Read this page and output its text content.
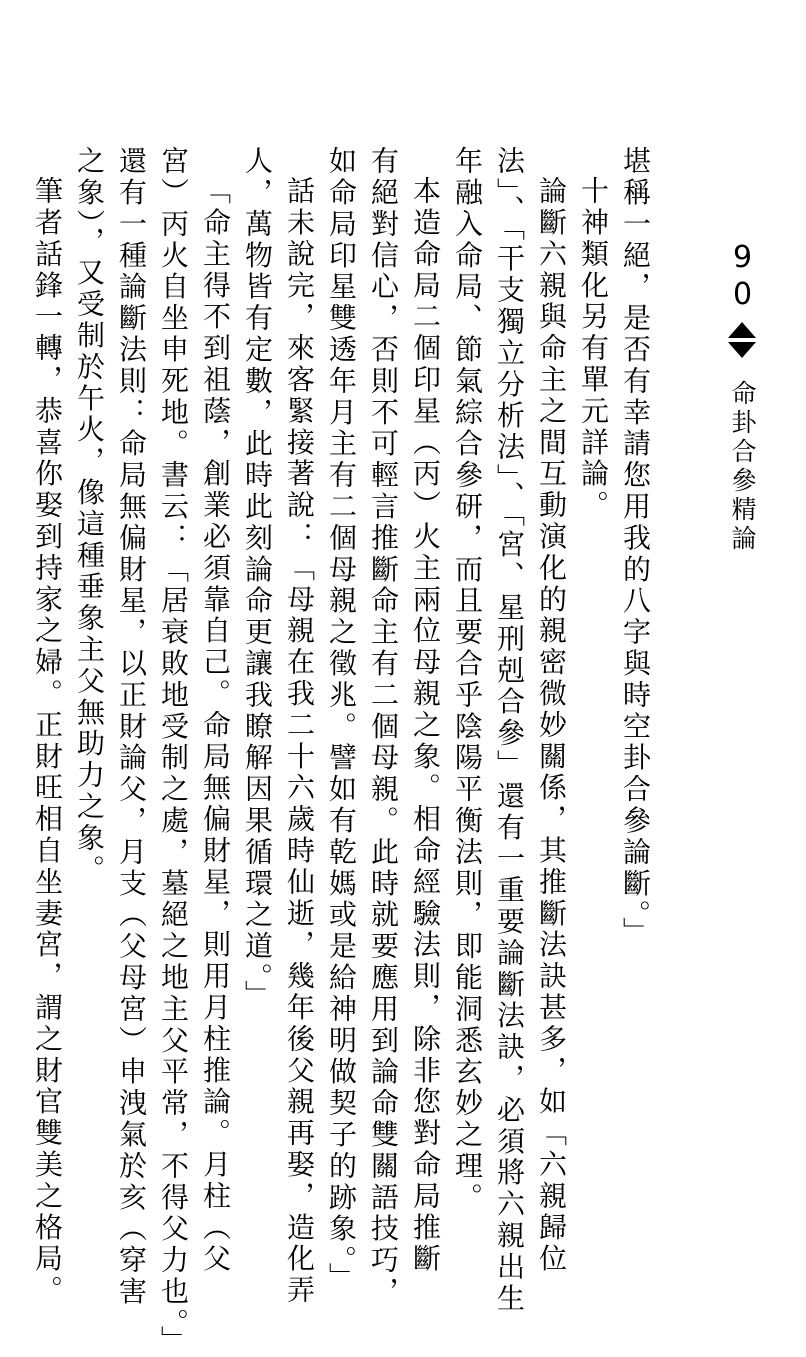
90
命卦合參精論
堪稱一絕，是否有幸請您用我的八字與時空卦合參論斷。」
十神類化另有單元詳論。
論斷六親與命主之間互動演化的親密微妙關係，其推斷法訣甚多，如「六親歸位
法」、「干支獨立分析法」、「宮、星刑剋合參」還有一重要論斷法訣，必須將六親出生
年融入命局、節氣綜合參研，而且要合乎陰陽平衡法則，即能洞悉玄妙之理。
本造命局二個印星（丙）火主兩位母親之象。相命經驗法則，除非您對命局推斷
有絕對信心，否則不可輕言推斷命主有二個母親。此時就要應用到論命雙關語技巧，
如命局印星雙透年月主有二個母親之徵兆。譬如有乾媽或是給神明做契子的跡象。」
話未說完，來客緊接著說：「母親在我二十六歲時仙逝，幾年後父親再娶，造化弄
人，萬物皆有定數，此時此刻論命更讓我瞭解因果循環之道。」
「命主得不到祖蔭，創業必須靠自己。命局無偏財星，則用月柱推論。月柱（父
宮）丙火自坐申死地。書云：「居衰敗地受制之處，墓絕之地主父平常，不得父力也。」
還有一種論斷法則：命局無偏財星，以正財論父，月支（父母宮）申洩氣於亥（穿害
之象），又受制於午火，像這種垂象主父無助力之象。
筆者話鋒一轉，恭喜你娶到持家之婦。正財旺相自坐妻宮，謂之財官雙美之格局。
